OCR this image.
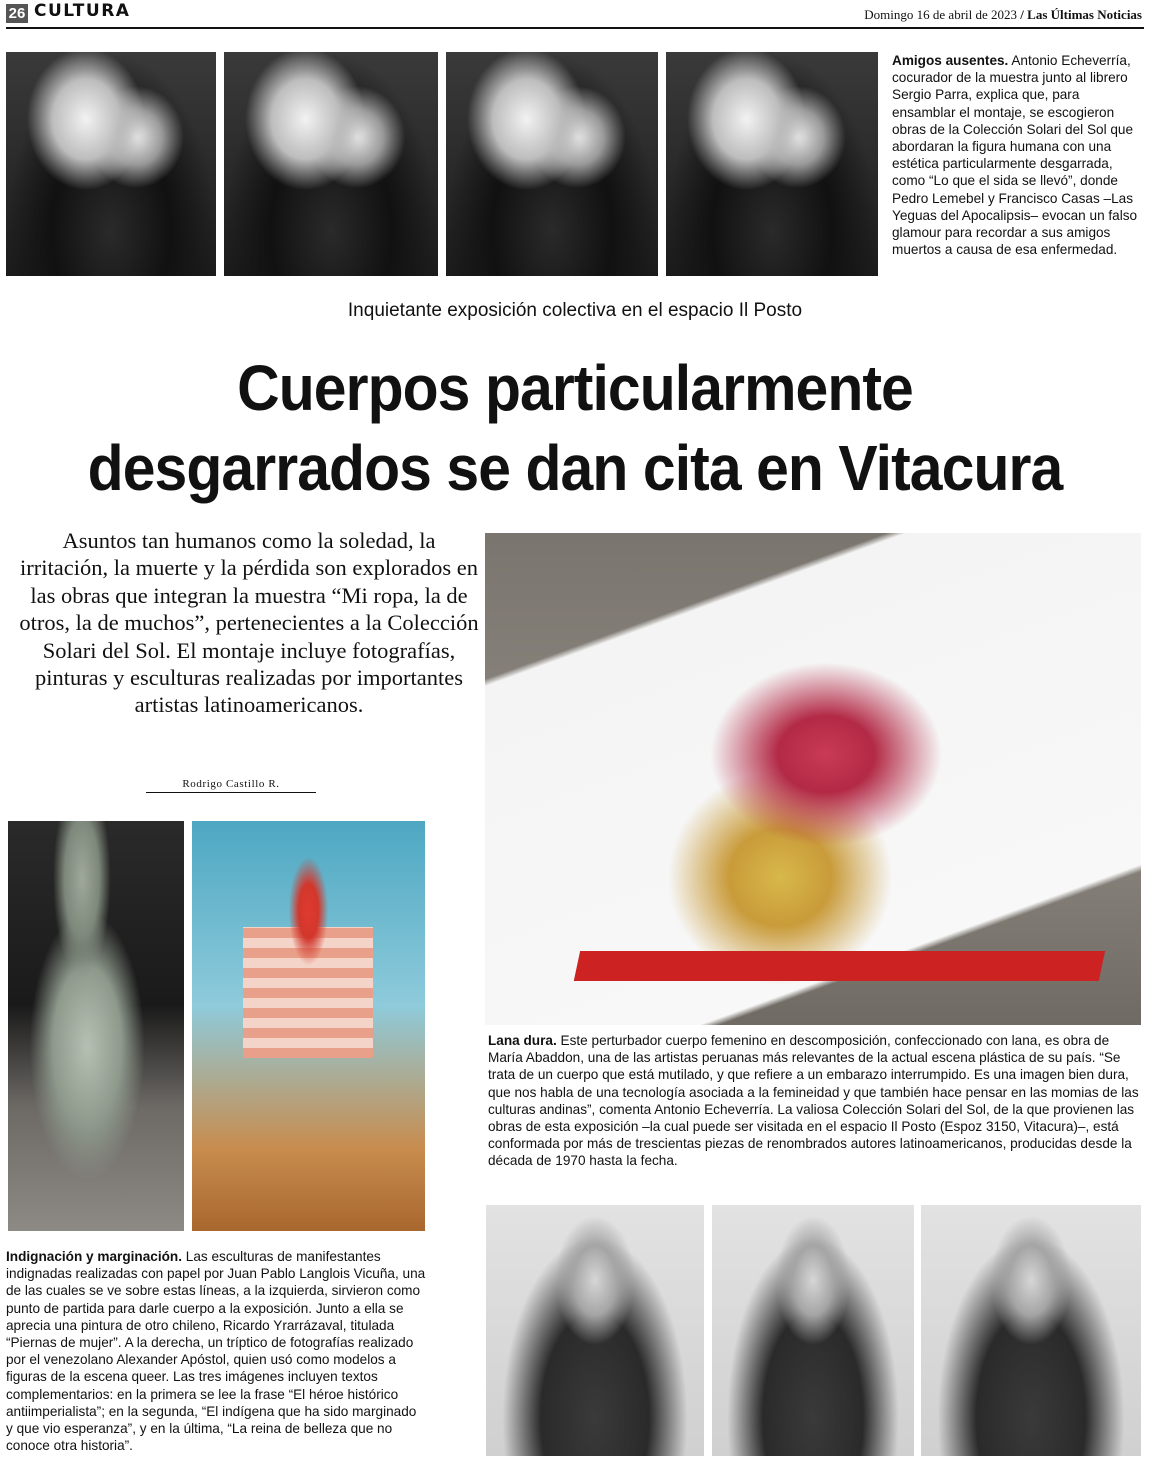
26 CULTURA	Domingo 16 de abril de 2023 / Las Últimas Noticias
Amigos ausentes. Antonio Echeverría, cocurador de la muestra junto al librero Sergio Parra, explica que, para ensamblar el montaje, se escogieron obras de la Colección Solari del Sol que abordaran la figura humana con una estética particularmente desgarrada, como “Lo que el sida se llevó”, donde Pedro Lemebel y Francisco Casas –Las Yeguas del Apocalipsis– evocan un falso glamour para recordar a sus amigos muertos a causa de esa enfermedad.
Inquietante exposición colectiva en el espacio Il Posto
Cuerpos particularmente
desgarrados se dan cita en Vitacura
Asuntos tan humanos como la soledad, la irritación, la muerte y la pérdida son explorados en las obras que integran la muestra “Mi ropa, la de otros, la de muchos”, pertenecientes a la Colección Solari del Sol. El montaje incluye fotografías, pinturas y esculturas realizadas por importantes artistas latinoamericanos.
Rodrigo Castillo R.
Lana dura. Este perturbador cuerpo femenino en descomposición, confeccionado con lana, es obra de María Abaddon, una de las artistas peruanas más relevantes de la actual escena plástica de su país. “Se trata de un cuerpo que está mutilado, y que refiere a un embarazo interrumpido. Es una imagen bien dura, que nos habla de una tecnología asociada a la femineidad y que también hace pensar en las momias de las culturas andinas”, comenta Antonio Echeverría. La valiosa Colección Solari del Sol, de la que provienen las obras de esta exposición –la cual puede ser visitada en el espacio Il Posto (Espoz 3150, Vitacura)–, está conformada por más de trescientas piezas de renombrados autores latinoamericanos, producidas desde la década de 1970 hasta la fecha.
Indignación y marginación. Las esculturas de manifestantes indignadas realizadas con papel por Juan Pablo Langlois Vicuña, una de las cuales se ve sobre estas líneas, a la izquierda, sirvieron como punto de partida para darle cuerpo a la exposición. Junto a ella se aprecia una pintura de otro chileno, Ricardo Yrarrázaval, titulada “Piernas de mujer”. A la derecha, un tríptico de fotografías realizado por el venezolano Alexander Apóstol, quien usó como modelos a figuras de la escena queer. Las tres imágenes incluyen textos complementarios: en la primera se lee la frase “El héroe histórico antiimperialista”; en la segunda, “El indígena que ha sido marginado y que vio esperanza”, y en la última, “La reina de belleza que no conoce otra historia”.
